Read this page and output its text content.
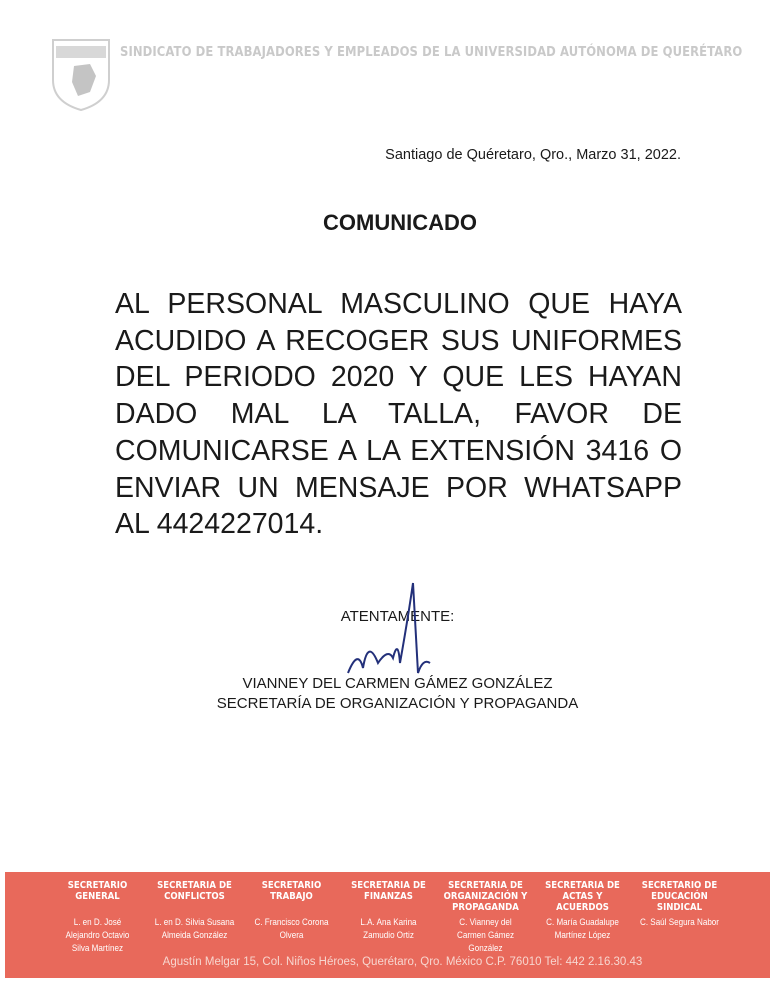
SINDICATO DE TRABAJADORES Y EMPLEADOS DE LA UNIVERSIDAD AUTÓNOMA DE QUERÉTARO
Santiago de Quéretaro, Qro., Marzo 31, 2022.
COMUNICADO
AL PERSONAL MASCULINO QUE HAYA ACUDIDO A RECOGER SUS UNIFORMES DEL PERIODO 2020 Y QUE LES HAYAN DADO MAL LA TALLA, FAVOR DE COMUNICARSE A LA EXTENSIÓN 3416 O ENVIAR UN MENSAJE POR WHATSAPP AL 4424227014.
ATENTAMENTE:
VIANNEY DEL CARMEN GÁMEZ GONZÁLEZ
SECRETARÍA DE ORGANIZACIÓN Y PROPAGANDA
SECRETARIO GENERAL
L. en D. José Alejandro Octavio Silva Martínez
SECRETARIA DE CONFLICTOS
L. en D. Silvia Susana Almeida González
SECRETARIO TRABAJO
C. Francisco Corona Olvera
SECRETARIA DE FINANZAS
L.A. Ana Karina Zamudio Ortiz
SECRETARIA DE ORGANIZACIÓN Y PROPAGANDA
C. Vianney del Carmen Gámez González
SECRETARIA DE ACTAS Y ACUERDOS
C. María Guadalupe Martínez López
SECRETARIO DE EDUCACIÓN SINDICAL
C. Saúl Segura Nabor
Agustín Melgar 15, Col. Niños Héroes, Querétaro, Qro. México C.P. 76010 Tel: 442 2.16.30.43
